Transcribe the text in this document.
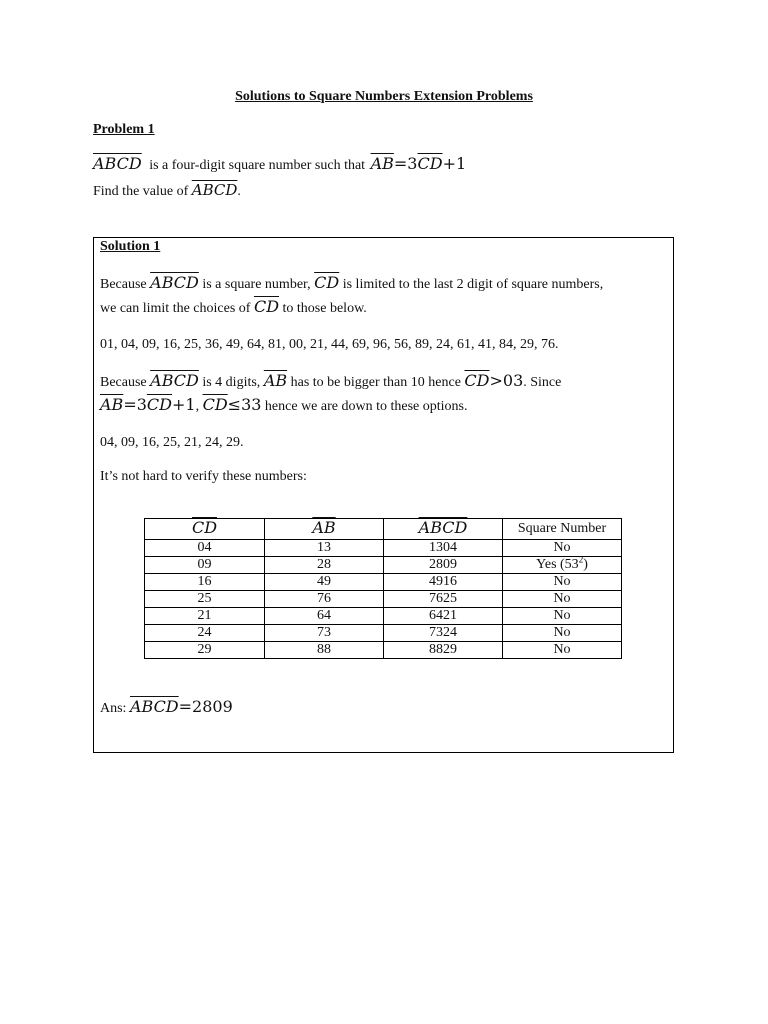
Solutions to Square Numbers Extension Problems
Problem 1
ABCD is a four-digit square number such that $\overline{AB}=3\overline{CD}+1$
Find the value of ABCD.
Solution 1
Because ABCD is a square number, $\overline{CD}$ is limited to the last 2 digit of square numbers,
we can limit the choices of $\overline{CD}$ to those below.
01, 04, 09, 16, 25, 36, 49, 64, 81, 00, 21, 44, 69, 96, 56, 89, 24, 61, 41, 84, 29, 76.
Because ABCD is 4 digits, $\overline{AB}$ has to be bigger than 10 hence $\overline{CD}>03$. Since
$\overline{AB}=3\overline{CD}+1$, $\overline{CD}\le 33$ hence we are down to these options.
04, 09, 16, 25, 21, 24, 29.
It’s not hard to verify these numbers:
$\overline{CD}$	$\overline{AB}$	ABCD	Square Number
04	13	1304	No
09	28	2809	Yes $(53^2)$
16	49	4916	No
25	76	7625	No
21	64	6421	No
24	73	7324	No
29	88	8829	No
Ans: ABCD=2809
